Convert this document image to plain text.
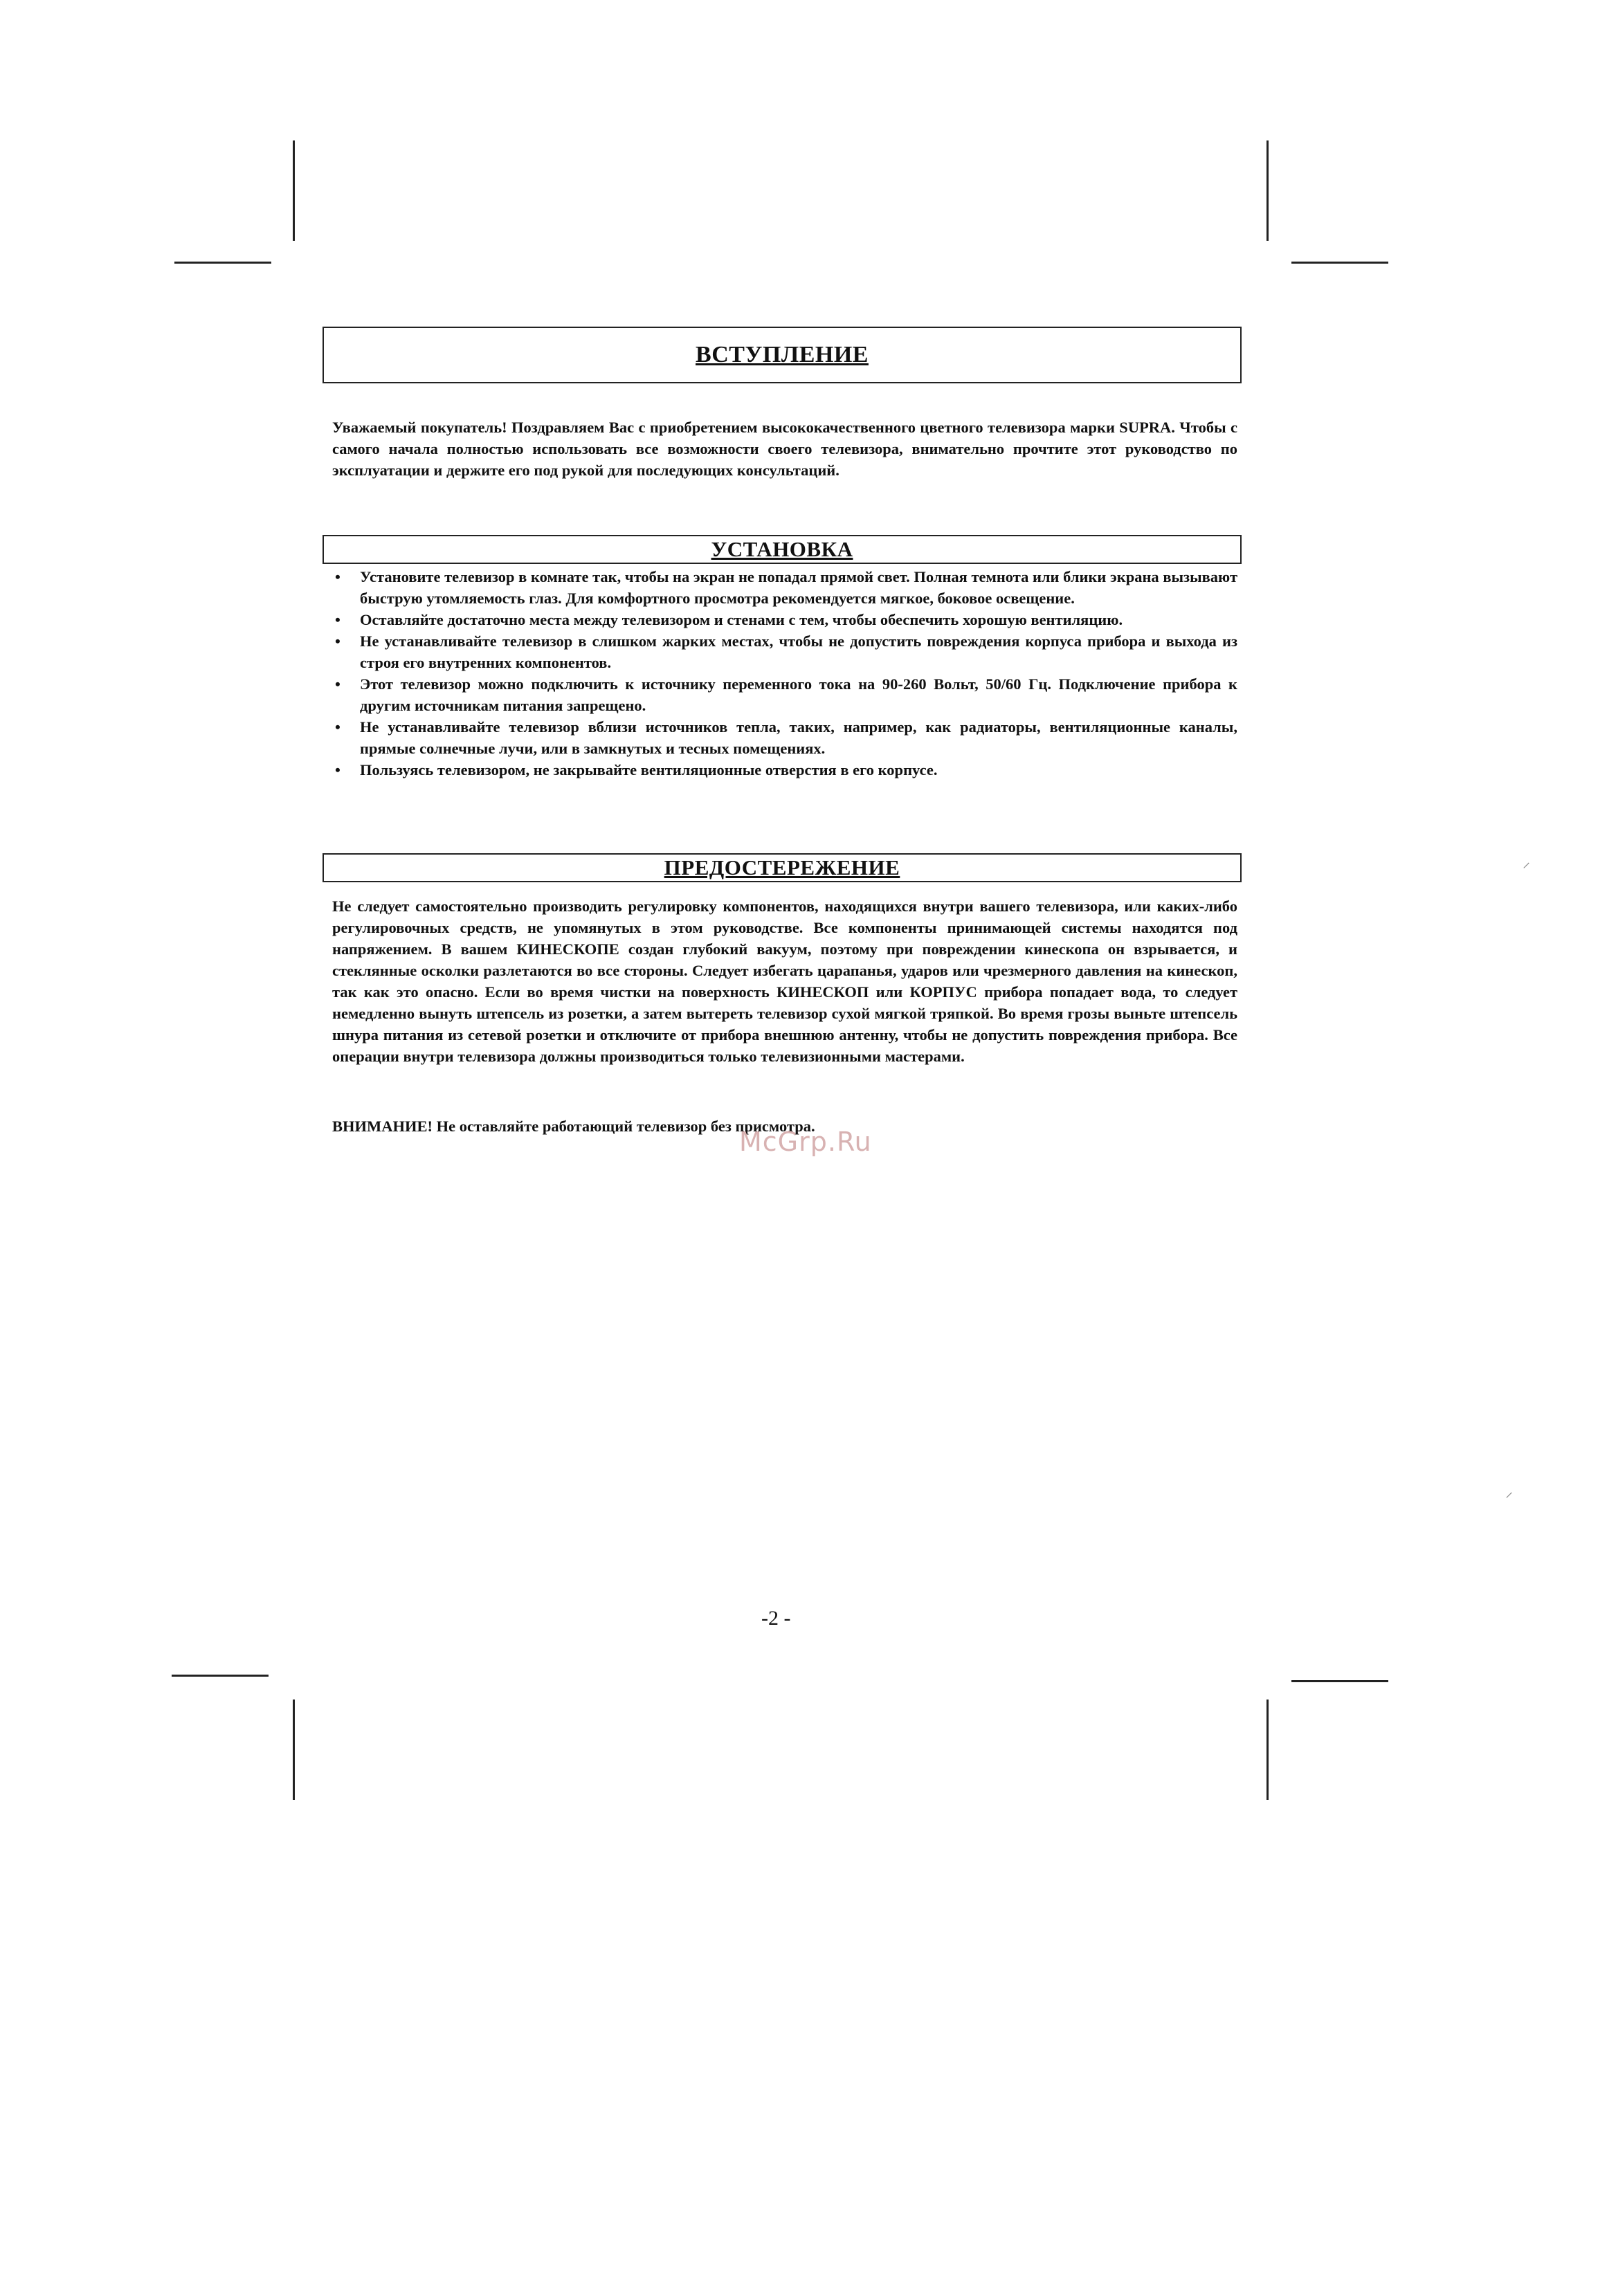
ВСТУПЛЕНИЕ

Уважаемый покупатель! Поздравляем Вас с приобретением высококачественного цветного телевизора марки SUPRA. Чтобы с самого начала полностью использовать все возможности своего телевизора, внимательно прочтите этот руководство по эксплуатации и держите его под рукой для последующих консультаций.

УСТАНОВКА
• Установите телевизор в комнате так, чтобы на экран не попадал прямой свет. Полная темнота или блики экрана вызывают быструю утомляемость глаз. Для комфортного просмотра рекомендуется мягкое, боковое освещение.
• Оставляйте достаточно места между телевизором и стенами с тем, чтобы обеспечить хорошую вентиляцию.
• Не устанавливайте телевизор в слишком жарких местах, чтобы не допустить повреждения корпуса прибора и выхода из строя его внутренних компонентов.
• Этот телевизор можно подключить к источнику переменного тока на 90-260 Вольт, 50/60 Гц. Подключение прибора к другим источникам питания запрещено.
• Не устанавливайте телевизор вблизи источников тепла, таких, например, как радиаторы, вентиляционные каналы, прямые солнечные лучи, или в замкнутых и тесных помещениях.
• Пользуясь телевизором, не закрывайте вентиляционные отверстия в его корпусе.
ПРЕДОСТЕРЕЖЕНИЕ

Не следует самостоятельно производить регулировку компонентов, находящихся внутри вашего телевизора, или каких-либо регулировочных средств, не упомянутых в этом руководстве. Все компоненты принимающей системы находятся под напряжением. В вашем КИНЕСКОПЕ создан глубокий вакуум, поэтому при повреждении кинескопа он взрывается, и стеклянные осколки разлетаются во все стороны. Следует избегать царапанья, ударов или чрезмерного давления на кинескоп, так как это опасно. Если во время чистки на поверхность КИНЕСКОП или КОРПУС прибора попадает вода, то следует немедленно вынуть штепсель из розетки, а затем вытереть телевизор сухой мягкой тряпкой. Во время грозы выньте штепсель шнура питания из сетевой розетки и отключите от прибора внешнюю антенну, чтобы не допустить повреждения прибора. Все операции внутри телевизора должны производиться только телевизионными мастерами.

ВНИМАНИЕ! Не оставляйте работающий телевизор без присмотра.

McGrp.Ru
-2 -
⸝
⸝
